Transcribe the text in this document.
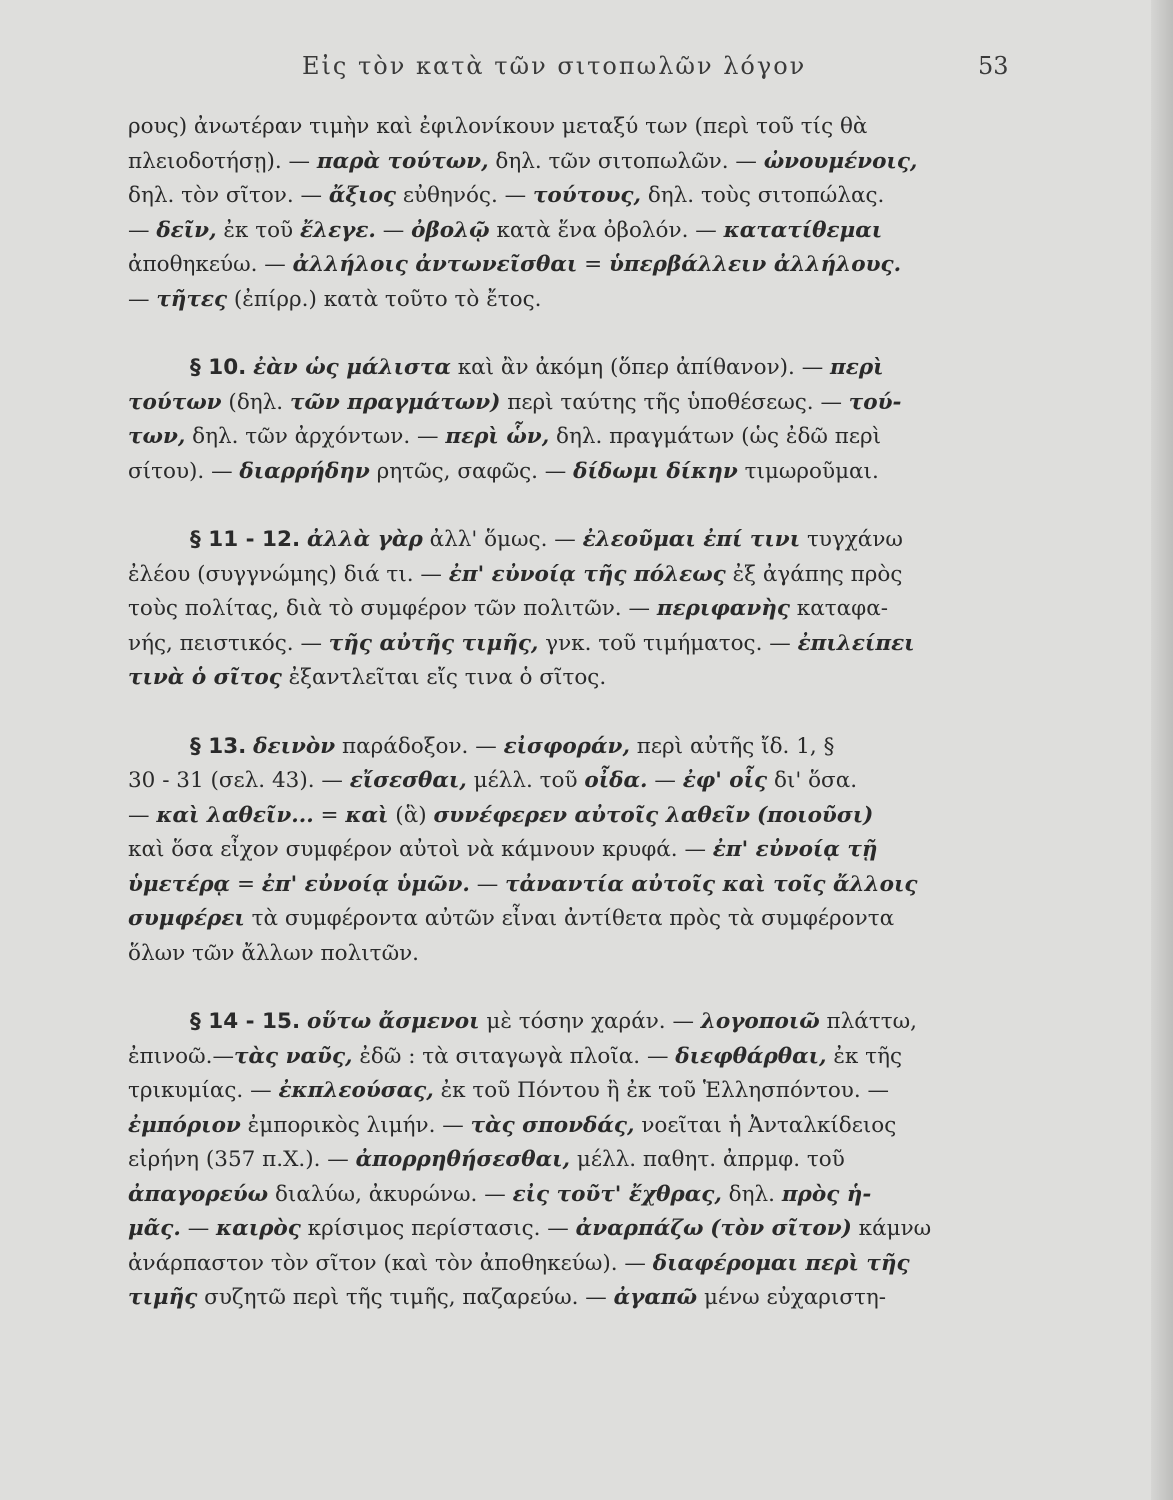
Εἰς τὸν κατὰ τῶν σιτοπωλῶν λόγον	53
ρους) ἀνωτέραν τιμὴν καὶ ἐφιλονίκουν μεταξύ των (περὶ τοῦ τίς θὰ
πλειοδοτήσῃ). — παρὰ τούτων, δηλ. τῶν σιτοπωλῶν. — ὠνουμένοις,
δηλ. τὸν σῖτον. — ἄξιος εὐθηνός. — τούτους, δηλ. τοὺς σιτοπώλας.
— δεῖν, ἐκ τοῦ ἔλεγε. — ὀβολῷ κατὰ ἕνα ὀβολόν. — κατατίθεμαι
ἀποθηκεύω. — ἀλλήλοις ἀντωνεῖσθαι = ὑπερβάλλειν ἀλλήλους.
— τῆτες (ἐπίρρ.) κατὰ τοῦτο τὸ ἔτος.
§ 10. ἐὰν ὡς μάλιστα καὶ ἂν ἀκόμη (ὅπερ ἀπίθανον). — περὶ
τούτων (δηλ. τῶν πραγμάτων) περὶ ταύτης τῆς ὑποθέσεως. — τού-
των, δηλ. τῶν ἀρχόντων. — περὶ ὧν, δηλ. πραγμάτων (ὡς ἐδῶ περὶ
σίτου). — διαρρήδην ρητῶς, σαφῶς. — δίδωμι δίκην τιμωροῦμαι.
§ 11 - 12. ἀλλὰ γὰρ ἀλλ' ὅμως. — ἐλεοῦμαι ἐπί τινι τυγχάνω
ἐλέου (συγγνώμης) διά τι. — ἐπ' εὐνοίᾳ τῆς πόλεως ἐξ ἀγάπης πρὸς
τοὺς πολίτας, διὰ τὸ συμφέρον τῶν πολιτῶν. — περιφανὴς καταφα-
νής, πειστικός. — τῆς αὐτῆς τιμῆς, γνκ. τοῦ τιμήματος. — ἐπιλείπει
τινὰ ὁ σῖτος ἐξαντλεῖται εἴς τινα ὁ σῖτος.
§ 13. δεινὸν παράδοξον. — εἰσφοράν, περὶ αὐτῆς ἴδ. 1, §
30 - 31 (σελ. 43). — εἴσεσθαι, μέλλ. τοῦ οἶδα. — ἐφ' οἷς δι' ὅσα.
— καὶ λαθεῖν... = καὶ (ἃ) συνέφερεν αὐτοῖς λαθεῖν (ποιοῦσι)
καὶ ὅσα εἶχον συμφέρον αὐτοὶ νὰ κάμνουν κρυφά. — ἐπ' εὐνοίᾳ τῇ
ὑμετέρᾳ = ἐπ' εὐνοίᾳ ὑμῶν. — τἀναντία αὐτοῖς καὶ τοῖς ἄλλοις
συμφέρει τὰ συμφέροντα αὐτῶν εἶναι ἀντίθετα πρὸς τὰ συμφέροντα
ὅλων τῶν ἄλλων πολιτῶν.
§ 14 - 15. οὕτω ἄσμενοι μὲ τόσην χαράν. — λογοποιῶ πλάττω,
ἐπινοῶ.—τὰς ναῦς, ἐδῶ : τὰ σιταγωγὰ πλοῖα. — διεφθάρθαι, ἐκ τῆς
τρικυμίας. — ἐκπλεούσας, ἐκ τοῦ Πόντου ἢ ἐκ τοῦ Ἑλλησπόντου. —
ἐμπόριον ἐμπορικὸς λιμήν. — τὰς σπονδάς, νοεῖται ἡ Ἀνταλκίδειος
εἰρήνη (357 π.Χ.). — ἀπορρηθήσεσθαι, μέλλ. παθητ. ἀπρμφ. τοῦ
ἀπαγορεύω διαλύω, ἀκυρώνω. — εἰς τοῦτ' ἔχθρας, δηλ. πρὸς ἡ-
μᾶς. — καιρὸς κρίσιμος περίστασις. — ἀναρπάζω (τὸν σῖτον) κάμνω
ἀνάρπαστον τὸν σῖτον (καὶ τὸν ἀποθηκεύω). — διαφέρομαι περὶ τῆς
τιμῆς συζητῶ περὶ τῆς τιμῆς, παζαρεύω. — ἀγαπῶ μένω εὐχαριστη-
